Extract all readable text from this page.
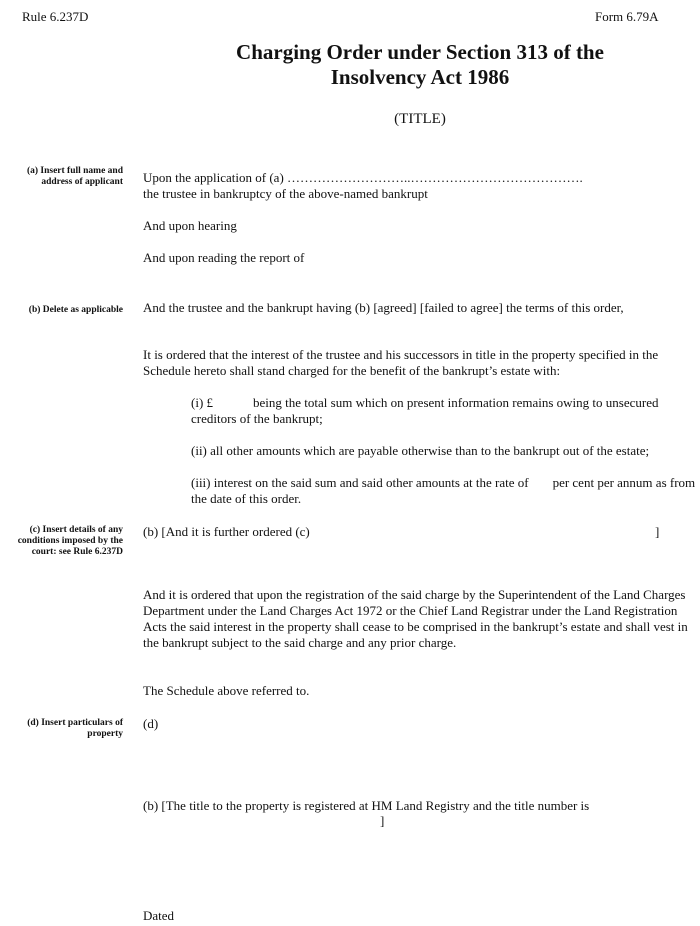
Rule 6.237D	Form 6.79A
Charging Order under Section 313 of the
Insolvency Act 1986
(TITLE)
(a) Insert full name and address of applicant
(b) Delete as applicable
(c) Insert details of any conditions imposed by the court: see Rule 6.237D
(d) Insert particulars of property
Upon the application of (a) ………………………..………………………………….
the trustee in bankruptcy of the above-named bankrupt
And upon hearing
And upon reading the report of
And the trustee and the bankrupt having (b) [agreed] [failed to agree] the terms of this order,
It is ordered that the interest of the trustee and his successors in title in the property specified in the Schedule hereto shall stand charged for the benefit of the bankrupt’s estate with:
(i) £	being the total sum which on present information remains owing to unsecured creditors of the bankrupt;
(ii) all other amounts which are payable otherwise than to the bankrupt out of the estate;
(iii) interest on the said sum and said other amounts at the rate of per cent per annum as from the date of this order.
(b) [And it is further ordered (c)	]
And it is ordered that upon the registration of the said charge by the Superintendent of the Land Charges Department under the Land Charges Act 1972 or the Chief Land Registrar under the Land Registration Acts the said interest in the property shall cease to be comprised in the bankrupt’s estate and shall vest in the bankrupt subject to the said charge and any prior charge.
The Schedule above referred to.
(d)
(b) [The title to the property is registered at HM Land Registry and the title number is
]
Dated
